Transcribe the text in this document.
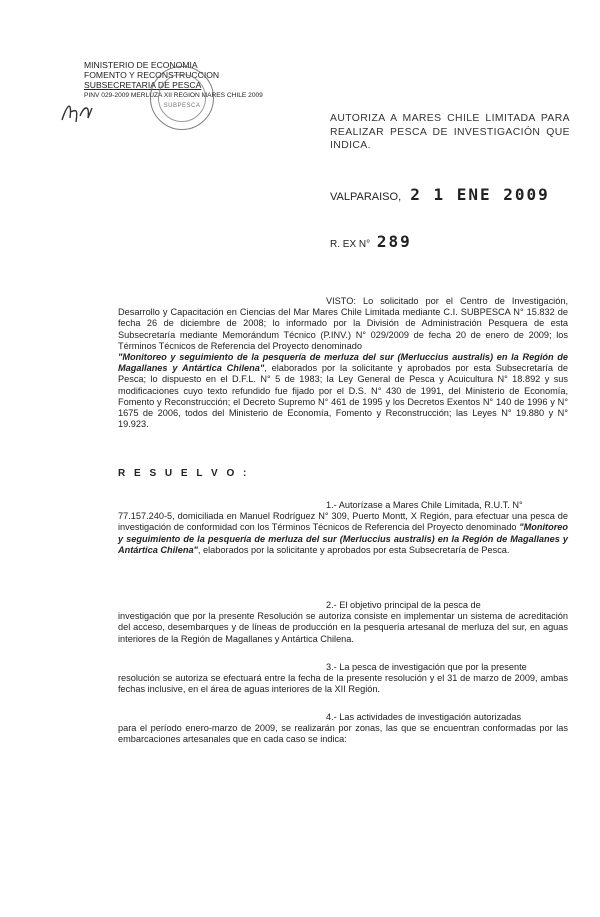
MINISTERIO DE ECONOMIA
FOMENTO Y RECONSTRUCCION
SUBSECRETARIA DE PESCA
PINV 029-2009 MERLUZA XII REGION MARES CHILE 2009
SUBPESCA
AUTORIZA A MARES CHILE LIMITADA PARA REALIZAR PESCA DE INVESTIGACIÓN QUE INDICA.
VALPARAISO, 2 1 ENE 2009
R. EX N° 289
VISTO: Lo solicitado por el Centro de Investigación, Desarrollo y Capacitación en Ciencias del Mar Mares Chile Limitada mediante C.I. SUBPESCA N° 15.832 de fecha 26 de diciembre de 2008; lo informado por la División de Administración Pesquera de esta Subsecretaría mediante Memorándum Técnico (P.INV.) N° 029/2009 de fecha 20 de enero de 2009; los Términos Técnicos de Referencia del Proyecto denominado
"Monitoreo y seguimiento de la pesquería de merluza del sur (Merluccius australis) en la Región de Magallanes y Antártica Chilena", elaborados por la solicitante y aprobados por esta Subsecretaría de Pesca; lo dispuesto en el D.F.L. N° 5 de 1983; la Ley General de Pesca y Acuicultura N° 18.892 y sus modificaciones cuyo texto refundido fue fijado por el D.S. N° 430 de 1991, del Ministerio de Economía, Fomento y Reconstrucción; el Decreto Supremo N° 461 de 1995 y los Decretos Exentos N° 140 de 1996 y N° 1675 de 2006, todos del Ministerio de Economía, Fomento y Reconstrucción; las Leyes N° 19.880 y N° 19.923.
R E S U E L V O :
1.- Autorízase a Mares Chile Limitada, R.U.T. N°
77.157.240-5, domiciliada en Manuel Rodríguez N° 309, Puerto Montt, X Región, para efectuar una pesca de investigación de conformidad con los Términos Técnicos de Referencia del Proyecto denominado "Monitoreo y seguimiento de la pesquería de merluza del sur (Merluccius australis) en la Región de Magallanes y Antártica Chilena", elaborados por la solicitante y aprobados por esta Subsecretaría de Pesca.
2.- El objetivo principal de la pesca de
investigación que por la presente Resolución se autoriza consiste en implementar un sistema de acreditación del acceso, desembarques y de líneas de producción en la pesquería artesanal de merluza del sur, en aguas interiores de la Región de Magallanes y Antártica Chilena.
3.- La pesca de investigación que por la presente
resolución se autoriza se efectuará entre la fecha de la presente resolución y el 31 de marzo de 2009, ambas fechas inclusive, en el área de aguas interiores de la XII Región.
4.- Las actividades de investigación autorizadas
para el período enero-marzo de 2009, se realizarán por zonas, las que se encuentran conformadas por las embarcaciones artesanales que en cada caso se indica:
